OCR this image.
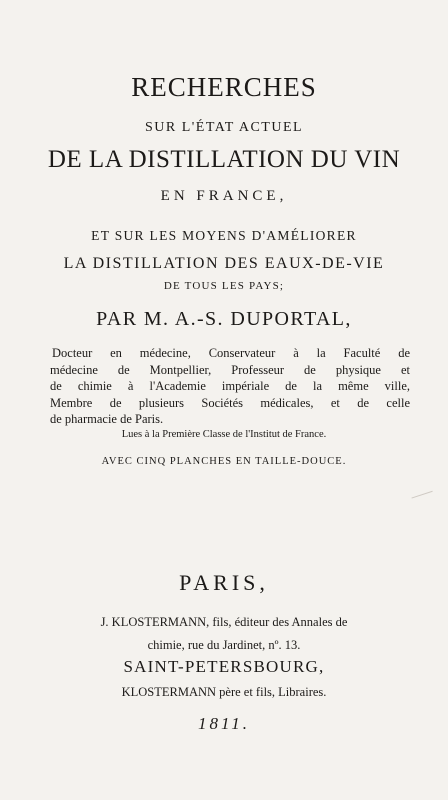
RECHERCHES
SUR L'ÉTAT ACTUEL
DE LA DISTILLATION DU VIN
EN FRANCE,
ET SUR LES MOYENS D'AMÉLIORER
LA DISTILLATION DES EAUX-DE-VIE
DE TOUS LES PAYS;
PAR M. A.-S. DUPORTAL,
Docteur en médecine, Conservateur à la Faculté de
médecine de Montpellier, Professeur de physique et
de chimie à l'Academie impériale de la même ville,
Membre de plusieurs Sociétés médicales, et de celle
de pharmacie de Paris.
Lues à la Première Classe de l'Institut de France.
AVEC CINQ PLANCHES EN TAILLE-DOUCE.
PARIS,
J. KLOSTERMANN, fils, éditeur des Annales de
chimie, rue du Jardinet, nº. 13.
SAINT-PETERSBOURG,
KLOSTERMANN père et fils, Libraires.
1811.
